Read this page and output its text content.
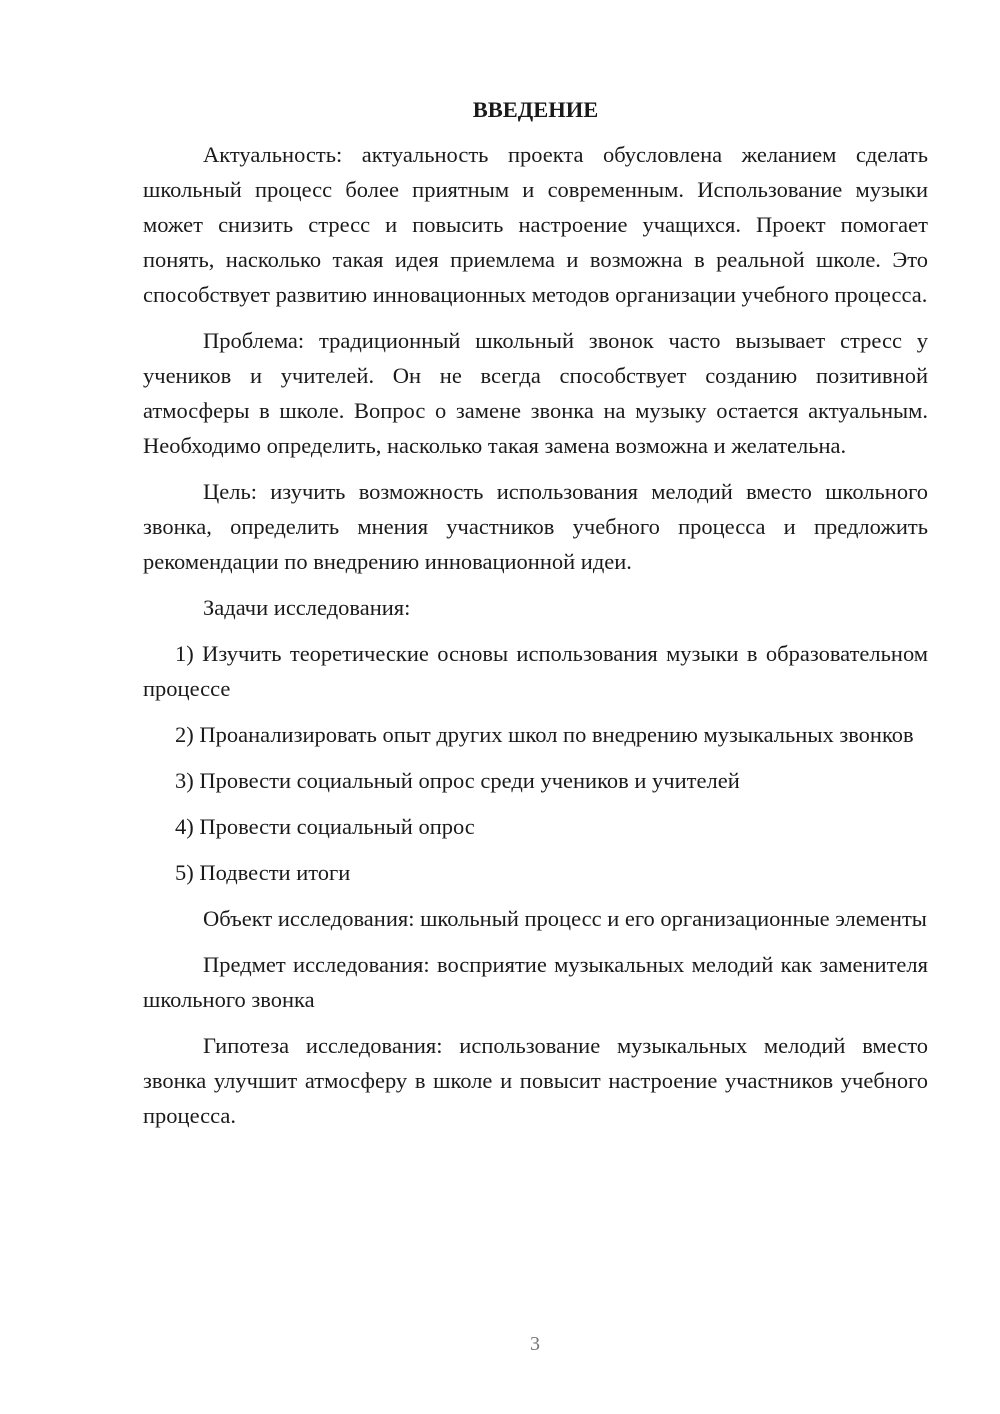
ВВЕДЕНИЕ

Актуальность: актуальность проекта обусловлена желанием сделать школьный процесс более приятным и современным. Использование музыки может снизить стресс и повысить настроение учащихся. Проект помогает понять, насколько такая идея приемлема и возможна в реальной школе. Это способствует развитию инновационных методов организации учебного процесса.

Проблема: традиционный школьный звонок часто вызывает стресс у учеников и учителей. Он не всегда способствует созданию позитивной атмосферы в школе. Вопрос о замене звонка на музыку остается актуальным. Необходимо определить, насколько такая замена возможна и желательна.

Цель: изучить возможность использования мелодий вместо школьного звонка, определить мнения участников учебного процесса и предложить рекомендации по внедрению инновационной идеи.

Задачи исследования:

1) Изучить теоретические основы использования музыки в образовательном процессе

2) Проанализировать опыт других школ по внедрению музыкальных звонков

3) Провести социальный опрос среди учеников и учителей

4) Провести социальный опрос

5) Подвести итоги

Объект исследования: школьный процесс и его организационные элементы

Предмет исследования: восприятие музыкальных мелодий как заменителя школьного звонка

Гипотеза исследования: использование музыкальных мелодий вместо звонка улучшит атмосферу в школе и повысит настроение участников учебного процесса.

3
